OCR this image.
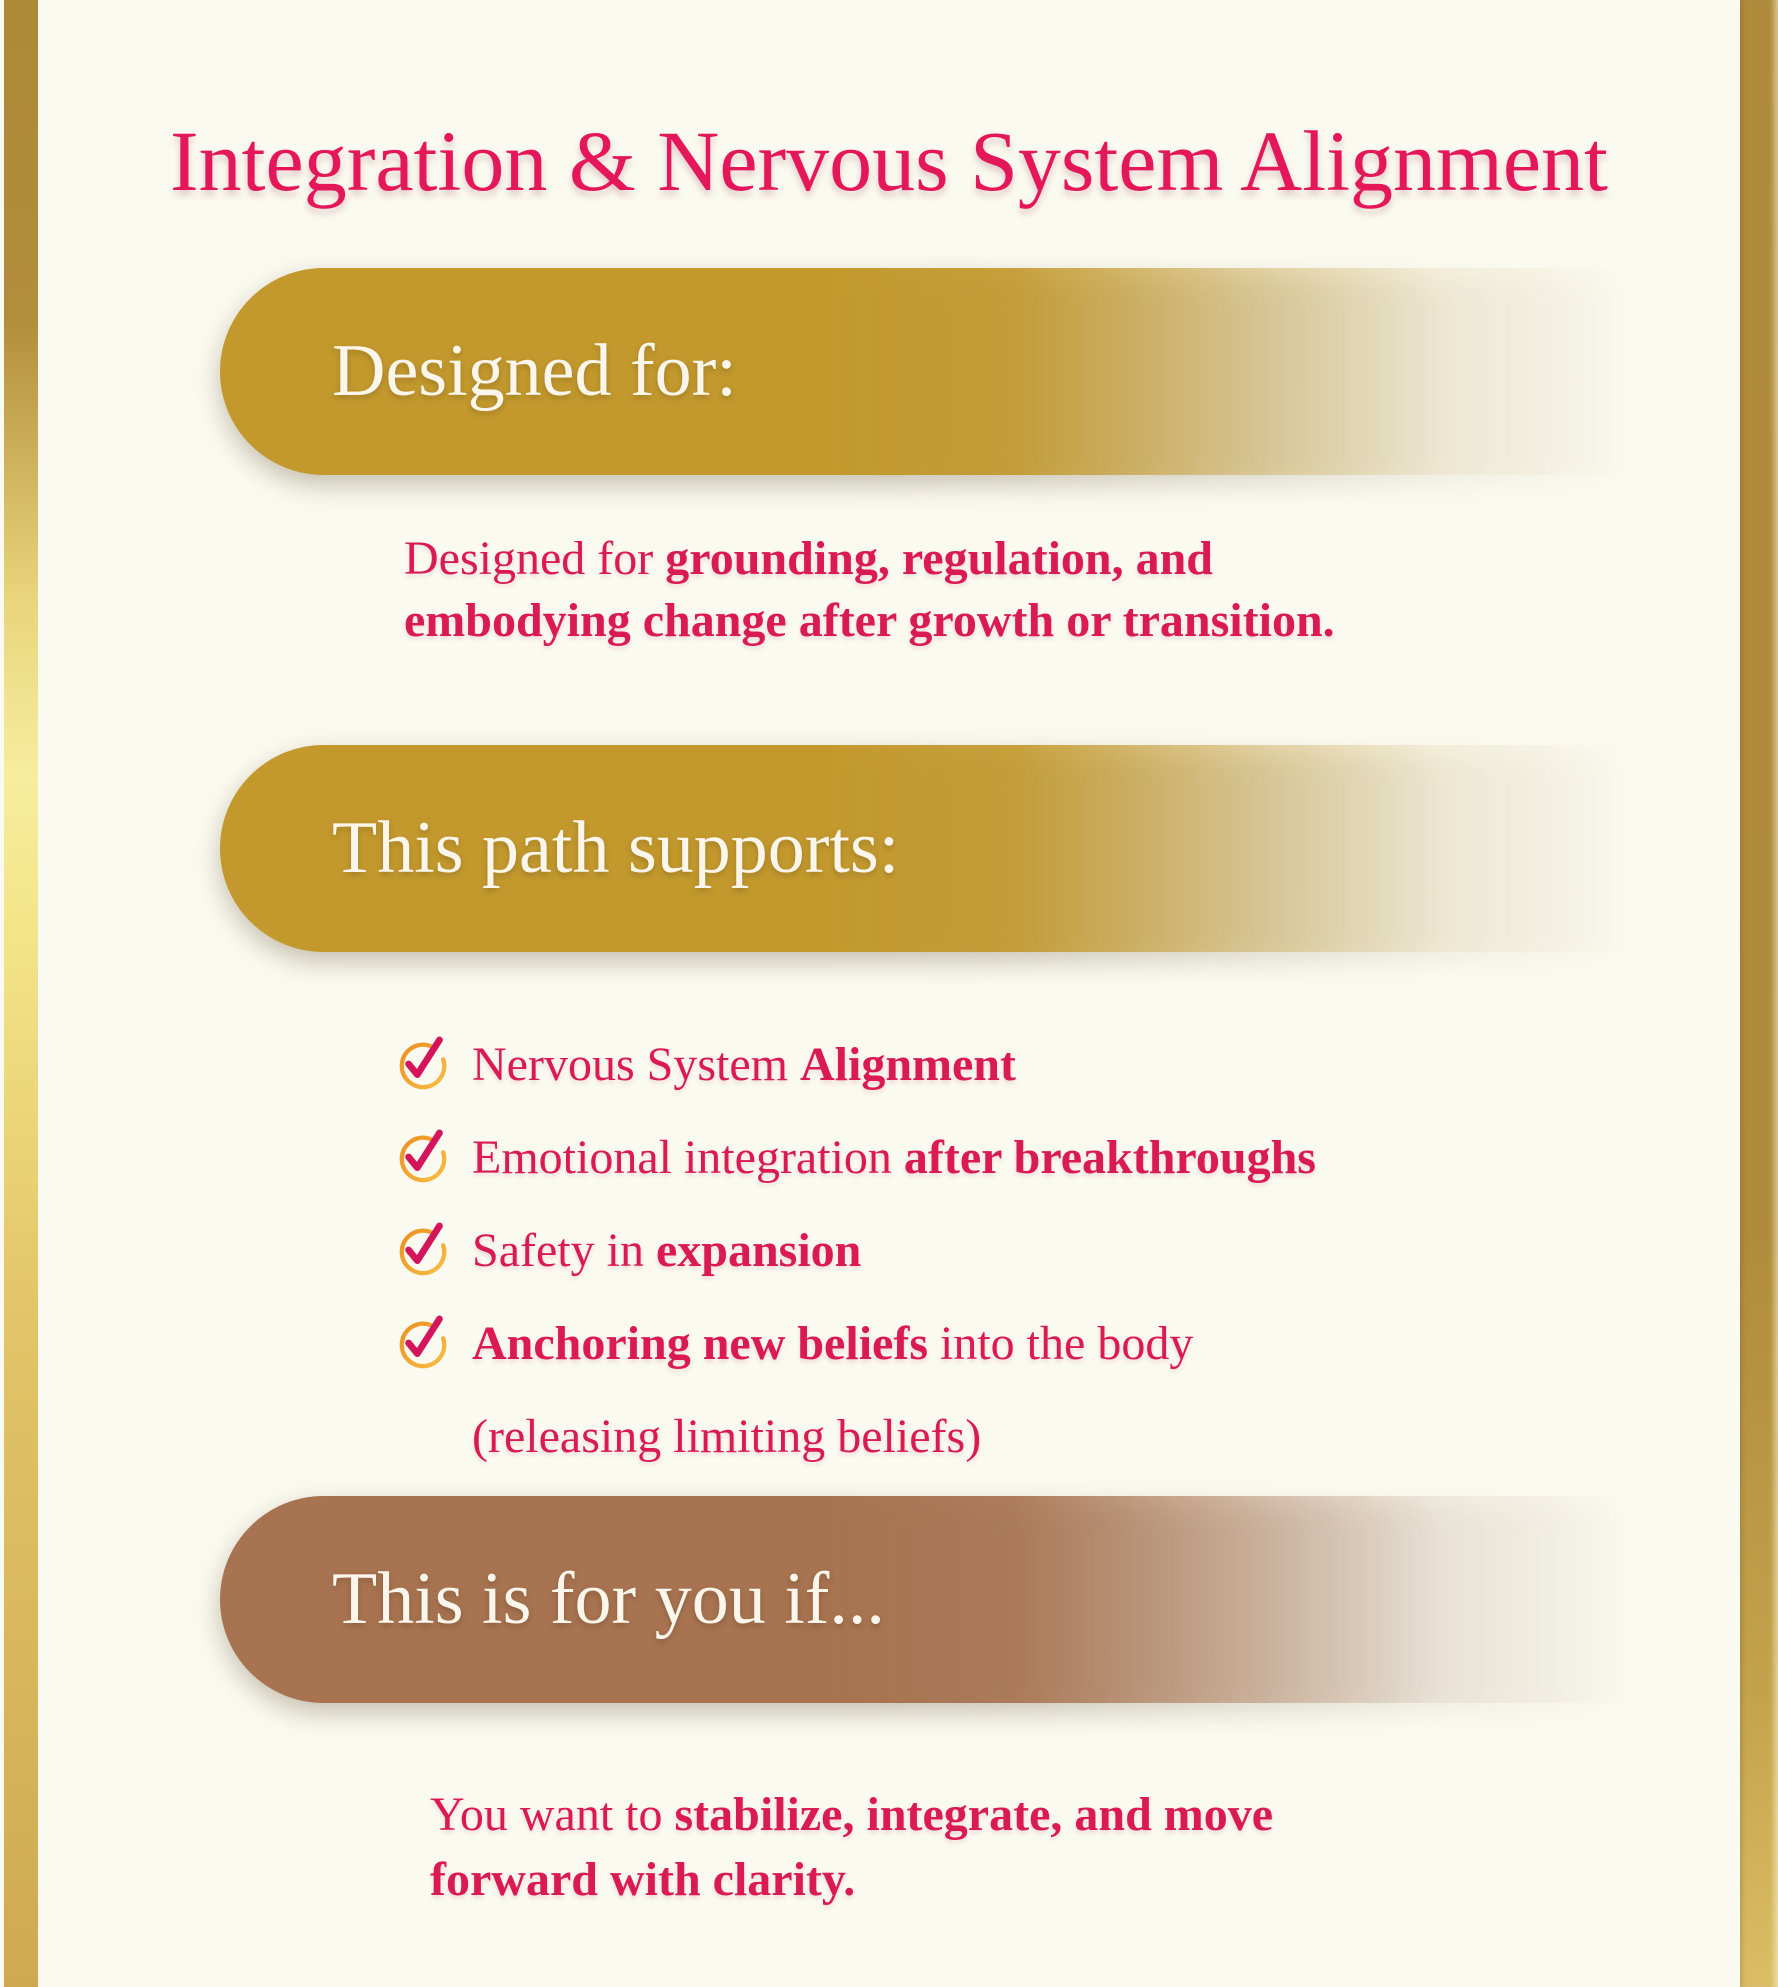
Integration & Nervous System Alignment
Designed for:
Designed for grounding, regulation, and
embodying change after growth or transition.
This path supports:
Nervous System Alignment
Emotional integration after breakthroughs
Safety in expansion
Anchoring new beliefs into the body
(releasing limiting beliefs)
This is for you if...
You want to stabilize, integrate, and move
forward with clarity.
